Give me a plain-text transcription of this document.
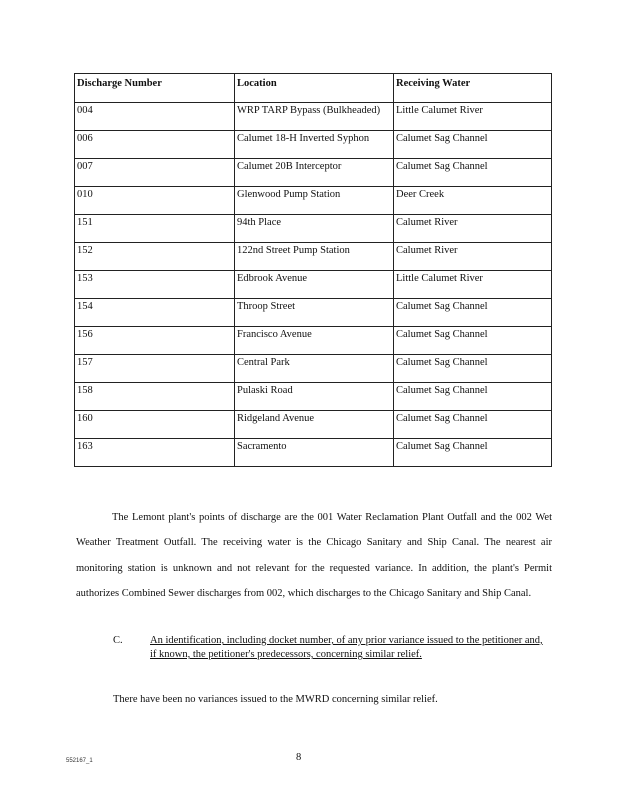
Discharge Number	Location	Receiving Water
004	WRP TARP Bypass (Bulkheaded)	Little Calumet River
006	Calumet 18-H Inverted Syphon	Calumet Sag Channel
007	Calumet 20B Interceptor	Calumet Sag Channel
010	Glenwood Pump Station	Deer Creek
151	94th Place	Calumet River
152	122nd Street Pump Station	Calumet River
153	Edbrook Avenue	Little Calumet River
154	Throop Street	Calumet Sag Channel
156	Francisco Avenue	Calumet Sag Channel
157	Central Park	Calumet Sag Channel
158	Pulaski Road	Calumet Sag Channel
160	Ridgeland Avenue	Calumet Sag Channel
163	Sacramento	Calumet Sag Channel

The Lemont plant's points of discharge are the 001 Water Reclamation Plant Outfall and the 002 Wet Weather Treatment Outfall. The receiving water is the Chicago Sanitary and Ship Canal. The nearest air monitoring station is unknown and not relevant for the requested variance. In addition, the plant's Permit authorizes Combined Sewer discharges from 002, which discharges to the Chicago Sanitary and Ship Canal.

C.	An identification, including docket number, of any prior variance issued to the petitioner and, if known, the petitioner's predecessors, concerning similar relief.

There have been no variances issued to the MWRD concerning similar relief.

552167_1	8
